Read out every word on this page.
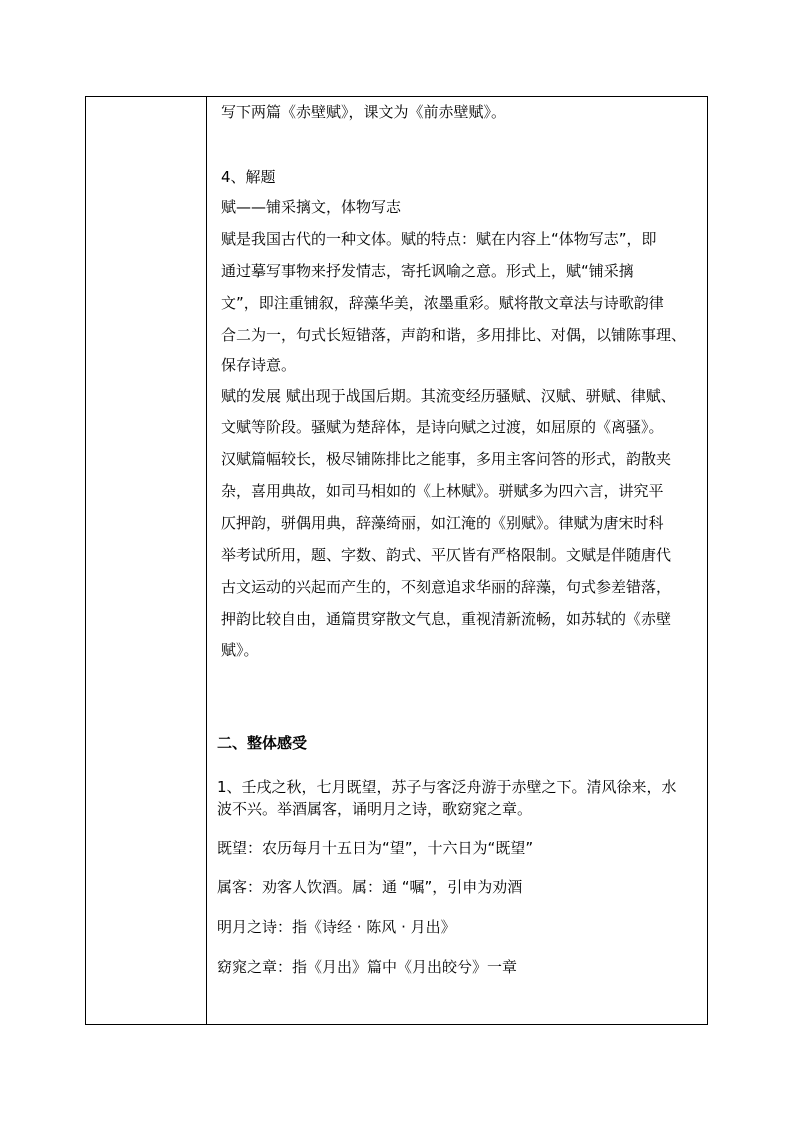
写下两篇《赤壁赋》，课文为《前赤壁赋》。
4、解题
赋——铺采摛文，体物写志
赋是我国古代的一种文体。赋的特点：赋在内容上“体物写志”，即
通过摹写事物来抒发情志，寄托讽喻之意。形式上，赋“铺采摛
文”，即注重铺叙，辞藻华美，浓墨重彩。赋将散文章法与诗歌韵律
合二为一，句式长短错落，声韵和谐，多用排比、对偶，以铺陈事理、
保存诗意。
赋的发展 赋出现于战国后期。其流变经历骚赋、汉赋、骈赋、律赋、
文赋等阶段。骚赋为楚辞体，是诗向赋之过渡，如屈原的《离骚》。
汉赋篇幅较长，极尽铺陈排比之能事，多用主客问答的形式，韵散夹
杂，喜用典故，如司马相如的《上林赋》。骈赋多为四六言，讲究平
仄押韵，骈偶用典，辞藻绮丽，如江淹的《别赋》。律赋为唐宋时科
举考试所用，题、字数、韵式、平仄皆有严格限制。文赋是伴随唐代
古文运动的兴起而产生的，不刻意追求华丽的辞藻，句式参差错落，
押韵比较自由，通篇贯穿散文气息，重视清新流畅，如苏轼的《赤壁
赋》。
二、整体感受
1、壬戌之秋，七月既望，苏子与客泛舟游于赤壁之下。清风徐来，水
波不兴。举酒属客，诵明月之诗，歌窈窕之章。
既望：农历每月十五日为“望”，十六日为“既望”
属客：劝客人饮酒。属：通 “嘱”，引申为劝酒
明月之诗：指《诗经 · 陈风 · 月出》
窈窕之章：指《月出》篇中《月出皎兮》一章
